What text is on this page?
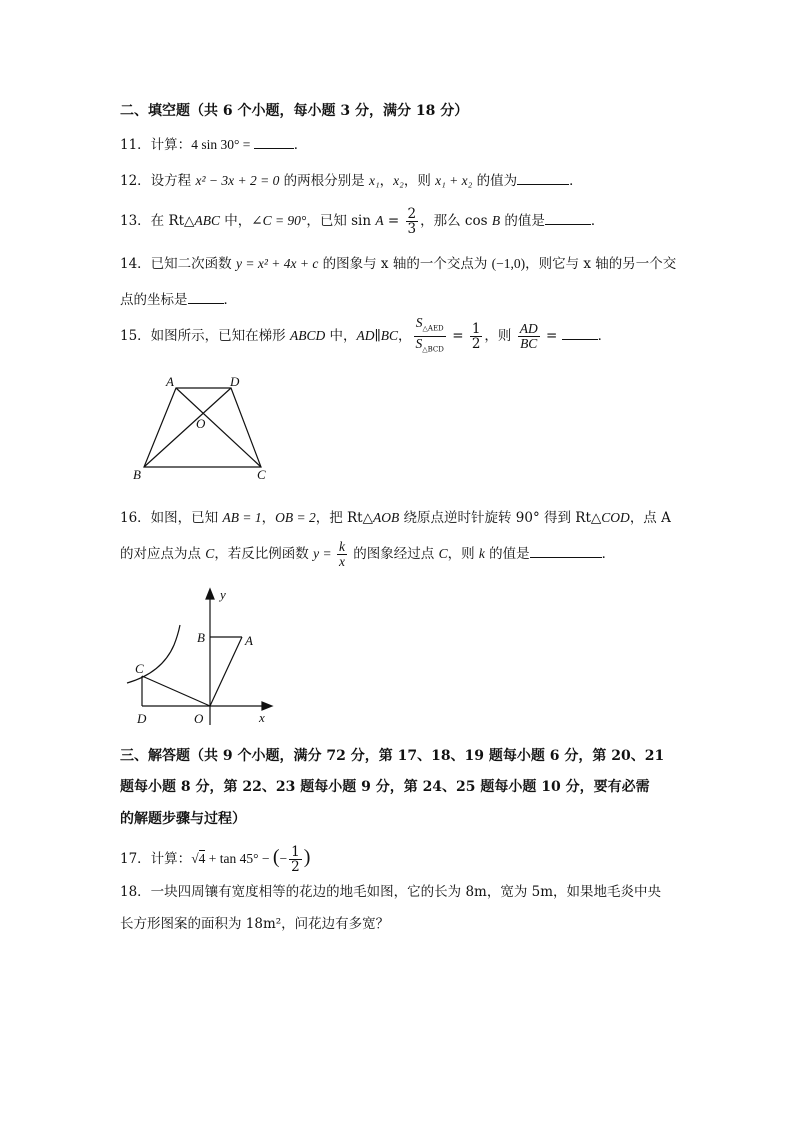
二、填空题（共 6 个小题，每小题 3 分，满分 18 分）
11．计算：4 sin 30° =	．
12．设方程 x² − 3x + 2 = 0 的两根分别是 x₁，x₂，则 x₁ + x₂ 的值为	．
13．在 Rt△ABC 中，∠C = 90°，已知 $\sin A = \frac{2}{3}$ ，那么 cos B 的值是	．
14．已知二次函数 y = x² + 4x + c 的图象与 x 轴的一个交点为 (−1,0)，则它与 x 轴的另一个交
点的坐标是	．
15．如图所示，已知在梯形 ABCD 中，AD∥BC， $\frac{S_{\triangle AED}}{S_{\triangle BCD}} = \frac{1}{2}$ ，则 $\frac{AD}{BC}$ =	．
A	D
O
B	C
16．如图，已知 AB = 1，OB = 2，把 Rt△AOB 绕原点逆时针旋转 90° 得到 Rt△COD，点 A
的对应点为点 C，若反比例函数 $y = \frac{k}{x}$ 的图象经过点 C，则 k 的值是	．
y
B	A
C
D	O	x
三、解答题（共 9 个小题，满分 72 分，第 17、18、19 题每小题 6 分，第 20、21
题每小题 8 分，第 22、23 题每小题 9 分，第 24、25 题每小题 10 分，要有必需
的解题步骤与过程）
17．计算：√4 + tan 45° − (− $\frac{1}{2}$ )
18．一块四周镶有宽度相等的花边的地毛如图，它的长为 8m，宽为 5m，如果地毛炎中央
长方形图案的面积为 18m²，问花边有多宽？
